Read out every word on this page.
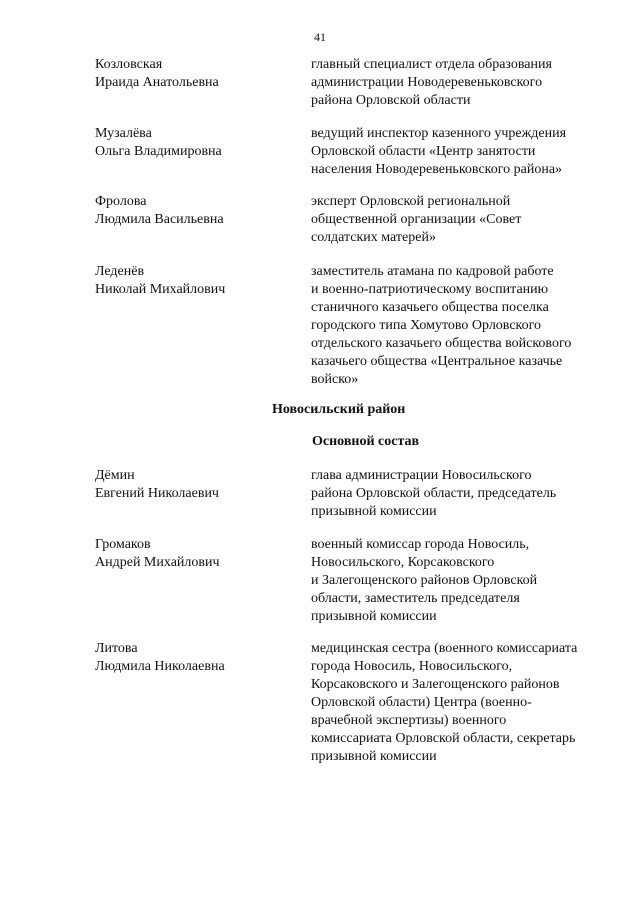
41
Козловская
Ираида Анатольевна
главный специалист отдела образования
администрации Новодеревеньковского
района Орловской области
Музалёва
Ольга Владимировна
ведущий инспектор казенного учреждения
Орловской области «Центр занятости
населения Новодеревеньковского района»
Фролова
Людмила Васильевна
эксперт Орловской региональной
общественной организации «Совет
солдатских матерей»
Леденёв
Николай Михайлович
заместитель атамана по кадровой работе
и военно-патриотическому воспитанию
станичного казачьего общества поселка
городского типа Хомутово Орловского
отдельского казачьего общества войскового
казачьего общества «Центральное казачье
войско»
Новосильский район
Основной состав
Дёмин
Евгений Николаевич
глава администрации Новосильского
района Орловской области, председатель
призывной комиссии
Громаков
Андрей Михайлович
военный комиссар города Новосиль,
Новосильского, Корсаковского
и Залегощенского районов Орловской
области, заместитель председателя
призывной комиссии
Литова
Людмила Николаевна
медицинская сестра (военного комиссариата
города Новосиль, Новосильского,
Корсаковского и Залегощенского районов
Орловской области) Центра (военно-
врачебной экспертизы) военного
комиссариата Орловской области, секретарь
призывной комиссии
